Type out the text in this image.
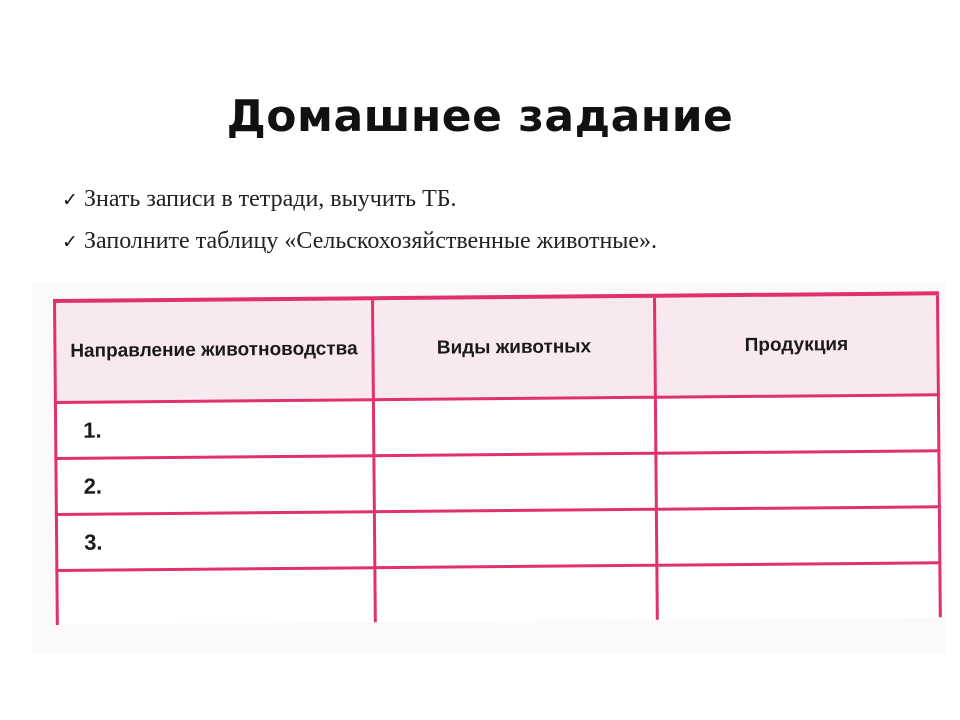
Домашнее задание
✓ Знать записи в тетради, выучить ТБ.
✓ Заполните таблицу «Сельскохозяйственные животные».
Направление животноводства	Виды животных	Продукция
1.		
2.		
3.		
